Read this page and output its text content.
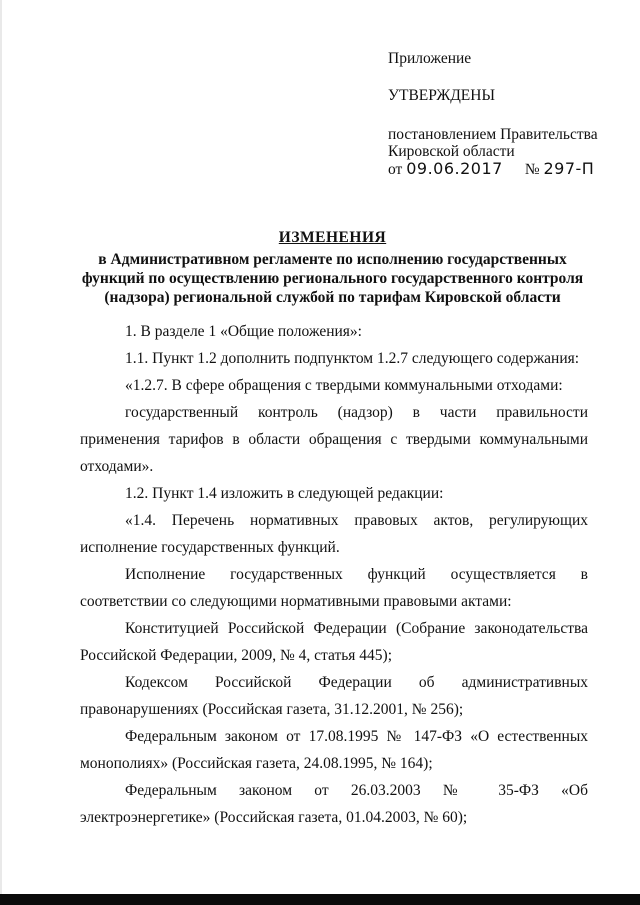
Приложение
УТВЕРЖДЕНЫ
постановлением Правительства
Кировской области
от 09.06.2017 № 297-П
ИЗМЕНЕНИЯ
в Административном регламенте по исполнению государственных
функций по осуществлению регионального государственного контроля
(надзора) региональной службой по тарифам Кировской области
1. В разделе 1 «Общие положения»:
1.1. Пункт 1.2 дополнить подпунктом 1.2.7 следующего содержания:
«1.2.7. В сфере обращения с твердыми коммунальными отходами:
государственный контроль (надзор) в части правильности применения тарифов в области обращения с твердыми коммунальными отходами».
1.2. Пункт 1.4 изложить в следующей редакции:
«1.4. Перечень нормативных правовых актов, регулирующих исполнение государственных функций.
Исполнение государственных функций осуществляется в соответствии со следующими нормативными правовыми актами:
Конституцией Российской Федерации (Собрание законодательства Российской Федерации, 2009, № 4, статья 445);
Кодексом Российской Федерации об административных правонарушениях (Российская газета, 31.12.2001, № 256);
Федеральным законом от 17.08.1995 № 147-ФЗ «О естественных монополиях» (Российская газета, 24.08.1995, № 164);
Федеральным законом от 26.03.2003 № 35-ФЗ «Об электроэнергетике» (Российская газета, 01.04.2003, № 60);
